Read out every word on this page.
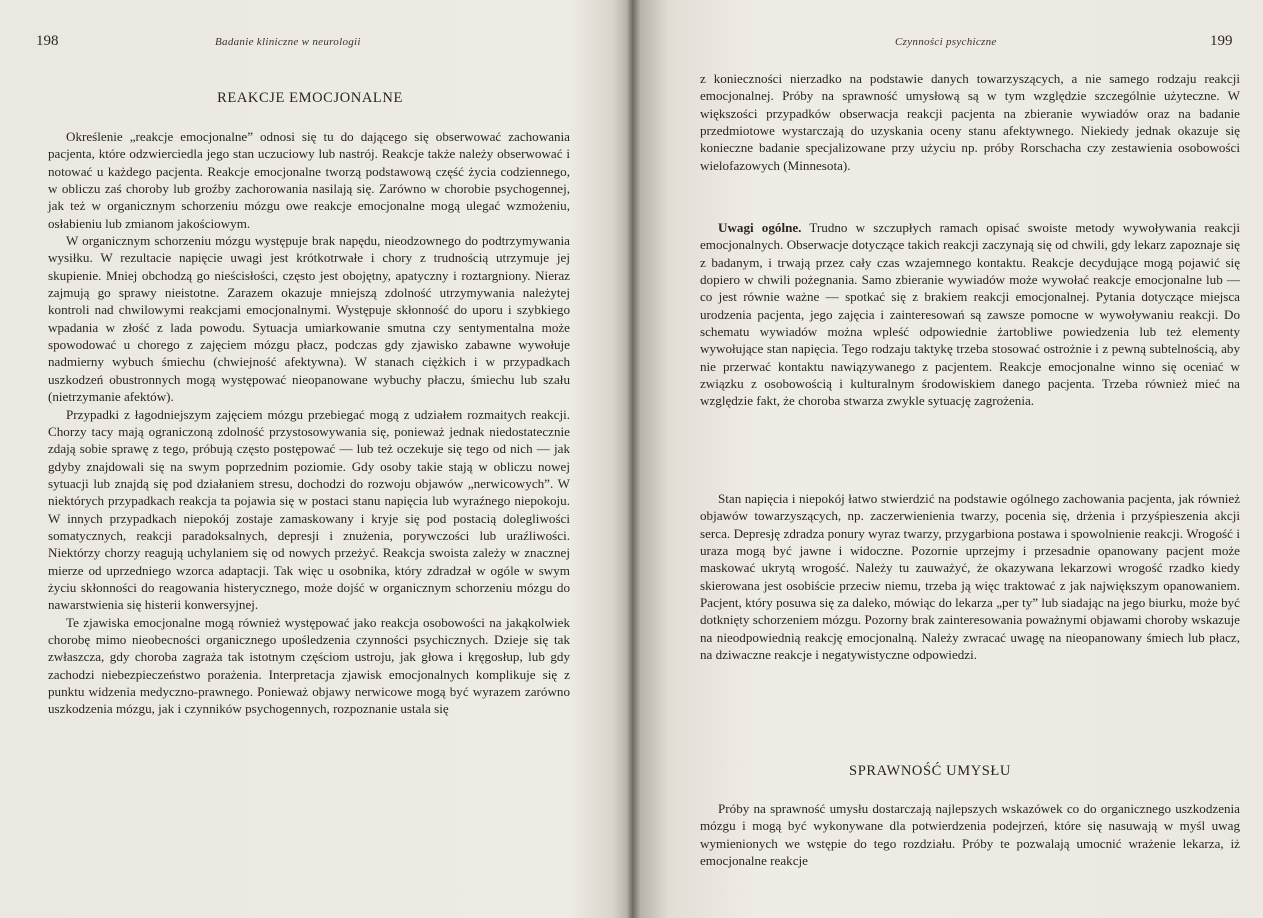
198	Badanie kliniczne w neurologii
REAKCJE EMOCJONALNE

Określenie „reakcje emocjonalne” odnosi się tu do dającego się obserwować zachowania pacjenta, które odzwierciedla jego stan uczuciowy lub nastrój. Reakcje także należy obserwować i notować u każdego pacjenta. Reakcje emocjonalne tworzą podstawową część życia codziennego, w obliczu zaś choroby lub groźby zachorowania nasilają się. Zarówno w chorobie psychogennej, jak też w organicznym schorzeniu mózgu owe reakcje emocjonalne mogą ulegać wzmożeniu, osłabieniu lub zmianom jakościowym.

W organicznym schorzeniu mózgu występuje brak napędu, nieodzownego do podtrzymywania wysiłku. W rezultacie napięcie uwagi jest krótkotrwałe i chory z trudnością utrzymuje jej skupienie. Mniej obchodzą go nieścisłości, często jest obojętny, apatyczny i roztargniony. Nieraz zajmują go sprawy nieistotne. Zarazem okazuje mniejszą zdolność utrzymywania należytej kontroli nad chwilowymi reakcjami emocjonalnymi. Występuje skłonność do uporu i szybkiego wpadania w złość z lada powodu. Sytuacja umiarkowanie smutna czy sentymentalna może spowodować u chorego z zajęciem mózgu płacz, podczas gdy zjawisko zabawne wywołuje nadmierny wybuch śmiechu (chwiejność afektywna). W stanach ciężkich i w przypadkach uszkodzeń obustronnych mogą występować nieopanowane wybuchy płaczu, śmiechu lub szału (nietrzymanie afektów).

Przypadki z łagodniejszym zajęciem mózgu przebiegać mogą z udziałem rozmaitych reakcji. Chorzy tacy mają ograniczoną zdolność przystosowywania się, ponieważ jednak niedostatecznie zdają sobie sprawę z tego, próbują często postępować — lub też oczekuje się tego od nich — jak gdyby znajdowali się na swym poprzednim poziomie. Gdy osoby takie stają w obliczu nowej sytuacji lub znajdą się pod działaniem stresu, dochodzi do rozwoju objawów „nerwicowych”. W niektórych przypadkach reakcja ta pojawia się w postaci stanu napięcia lub wyraźnego niepokoju. W innych przypadkach niepokój zostaje zamaskowany i kryje się pod postacią dolegliwości somatycznych, reakcji paradoksalnych, depresji i znużenia, porywczości lub uraźliwości. Niektórzy chorzy reagują uchylaniem się od nowych przeżyć. Reakcja swoista zależy w znacznej mierze od uprzedniego wzorca adaptacji. Tak więc u osobnika, który zdradzał w ogóle w swym życiu skłonności do reagowania histerycznego, może dojść w organicznym schorzeniu mózgu do nawarstwienia się histerii konwersyjnej.

Te zjawiska emocjonalne mogą również występować jako reakcja osobowości na jakąkolwiek chorobę mimo nieobecności organicznego upośledzenia czynności psychicznych. Dzieje się tak zwłaszcza, gdy choroba zagraża tak istotnym częściom ustroju, jak głowa i kręgosłup, lub gdy zachodzi niebezpieczeństwo porażenia. Interpretacja zjawisk emocjonalnych komplikuje się z punktu widzenia medyczno-prawnego. Ponieważ objawy nerwicowe mogą być wyrazem zarówno uszkodzenia mózgu, jak i czynników psychogennych, rozpoznanie ustala się

199
Czynności psychiczne

z konieczności nierzadko na podstawie danych towarzyszących, a nie samego rodzaju reakcji emocjonalnej. Próby na sprawność umysłową są w tym względzie szczególnie użyteczne. W większości przypadków obserwacja reakcji pacjenta na zbieranie wywiadów oraz na badanie przedmiotowe wystarczają do uzyskania oceny stanu afektywnego. Niekiedy jednak okazuje się konieczne badanie specjalizowane przy użyciu np. próby Rorschacha czy zestawienia osobowości wielofazowych (Minnesota).

Uwagi ogólne. Trudno w szczupłych ramach opisać swoiste metody wywoływania reakcji emocjonalnych. Obserwacje dotyczące takich reakcji zaczynają się od chwili, gdy lekarz zapoznaje się z badanym, i trwają przez cały czas wzajemnego kontaktu. Reakcje decydujące mogą pojawić się dopiero w chwili pożegnania. Samo zbieranie wywiadów może wywołać reakcje emocjonalne lub — co jest równie ważne — spotkać się z brakiem reakcji emocjonalnej. Pytania dotyczące miejsca urodzenia pacjenta, jego zajęcia i zainteresowań są zawsze pomocne w wywoływaniu reakcji. Do schematu wywiadów można wpleść odpowiednie żartobliwe powiedzenia lub też elementy wywołujące stan napięcia. Tego rodzaju taktykę trzeba stosować ostrożnie i z pewną subtelnością, aby nie przerwać kontaktu nawiązywanego z pacjentem. Reakcje emocjonalne winno się oceniać w związku z osobowością i kulturalnym środowiskiem danego pacjenta. Trzeba również mieć na względzie fakt, że choroba stwarza zwykle sytuację zagrożenia.

Stan napięcia i niepokój łatwo stwierdzić na podstawie ogólnego zachowania pacjenta, jak również objawów towarzyszących, np. zaczerwienienia twarzy, pocenia się, drżenia i przyśpieszenia akcji serca. Depresję zdradza ponury wyraz twarzy, przygarbiona postawa i spowolnienie reakcji. Wrogość i uraza mogą być jawne i widoczne. Pozornie uprzejmy i przesadnie opanowany pacjent może maskować ukrytą wrogość. Należy tu zauważyć, że okazywana lekarzowi wrogość rzadko kiedy skierowana jest osobiście przeciw niemu, trzeba ją więc traktować z jak największym opanowaniem. Pacjent, który posuwa się za daleko, mówiąc do lekarza „per ty” lub siadając na jego biurku, może być dotknięty schorzeniem mózgu. Pozorny brak zainteresowania poważnymi objawami choroby wskazuje na nieodpowiednią reakcję emocjonalną. Należy zwracać uwagę na nieopanowany śmiech lub płacz, na dziwaczne reakcje i negatywistyczne odpowiedzi.

SPRAWNOŚĆ UMYSŁU

Próby na sprawność umysłu dostarczają najlepszych wskazówek co do organicznego uszkodzenia mózgu i mogą być wykonywane dla potwierdzenia podejrzeń, które się nasuwają w myśl uwag wymienionych we wstępie do tego rozdziału. Próby te pozwalają umocnić wrażenie lekarza, iż emocjonalne reakcje
